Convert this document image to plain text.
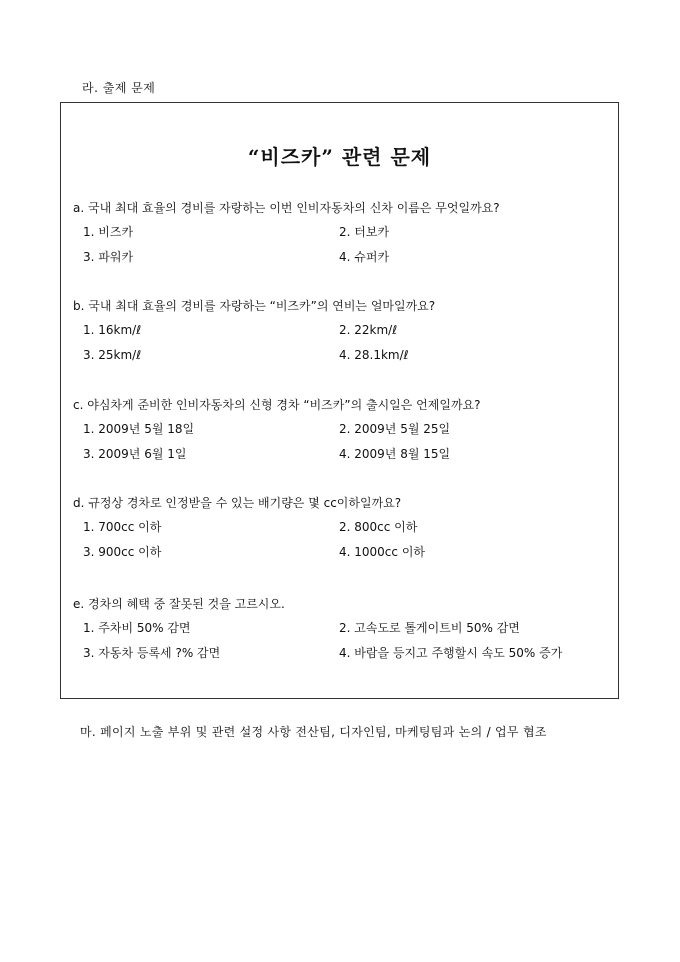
라. 출제 문제
“비즈카” 관련 문제
a. 국내 최대 효율의 경비를 자랑하는 이번 인비자동차의 신차 이름은 무엇일까요?
1. 비즈카	2. 터보카
3. 파워카	4. 슈퍼카
b. 국내 최대 효율의 경비를 자랑하는 “비즈카”의 연비는 얼마일까요?
1. 16km/ℓ	2. 22km/ℓ
3. 25km/ℓ	4. 28.1km/ℓ
c. 야심차게 준비한 인비자동차의 신형 경차 “비즈카”의 출시일은 언제일까요?
1. 2009년 5월 18일	2. 2009년 5월 25일
3. 2009년 6월 1일	4. 2009년 8월 15일
d. 규정상 경차로 인정받을 수 있는 배기량은 몇 cc이하일까요?
1. 700cc 이하	2. 800cc 이하
3. 900cc 이하	4. 1000cc 이하
e. 경차의 혜택 중 잘못된 것을 고르시오.
1. 주차비 50% 감면	2. 고속도로 톨게이트비 50% 감면
3. 자동차 등록세 ?% 감면	4. 바람을 등지고 주행할시 속도 50% 증가
마. 페이지 노출 부위 및 관련 설정 사항 전산팀, 디자인팀, 마케팅팀과 논의 / 업무 협조
